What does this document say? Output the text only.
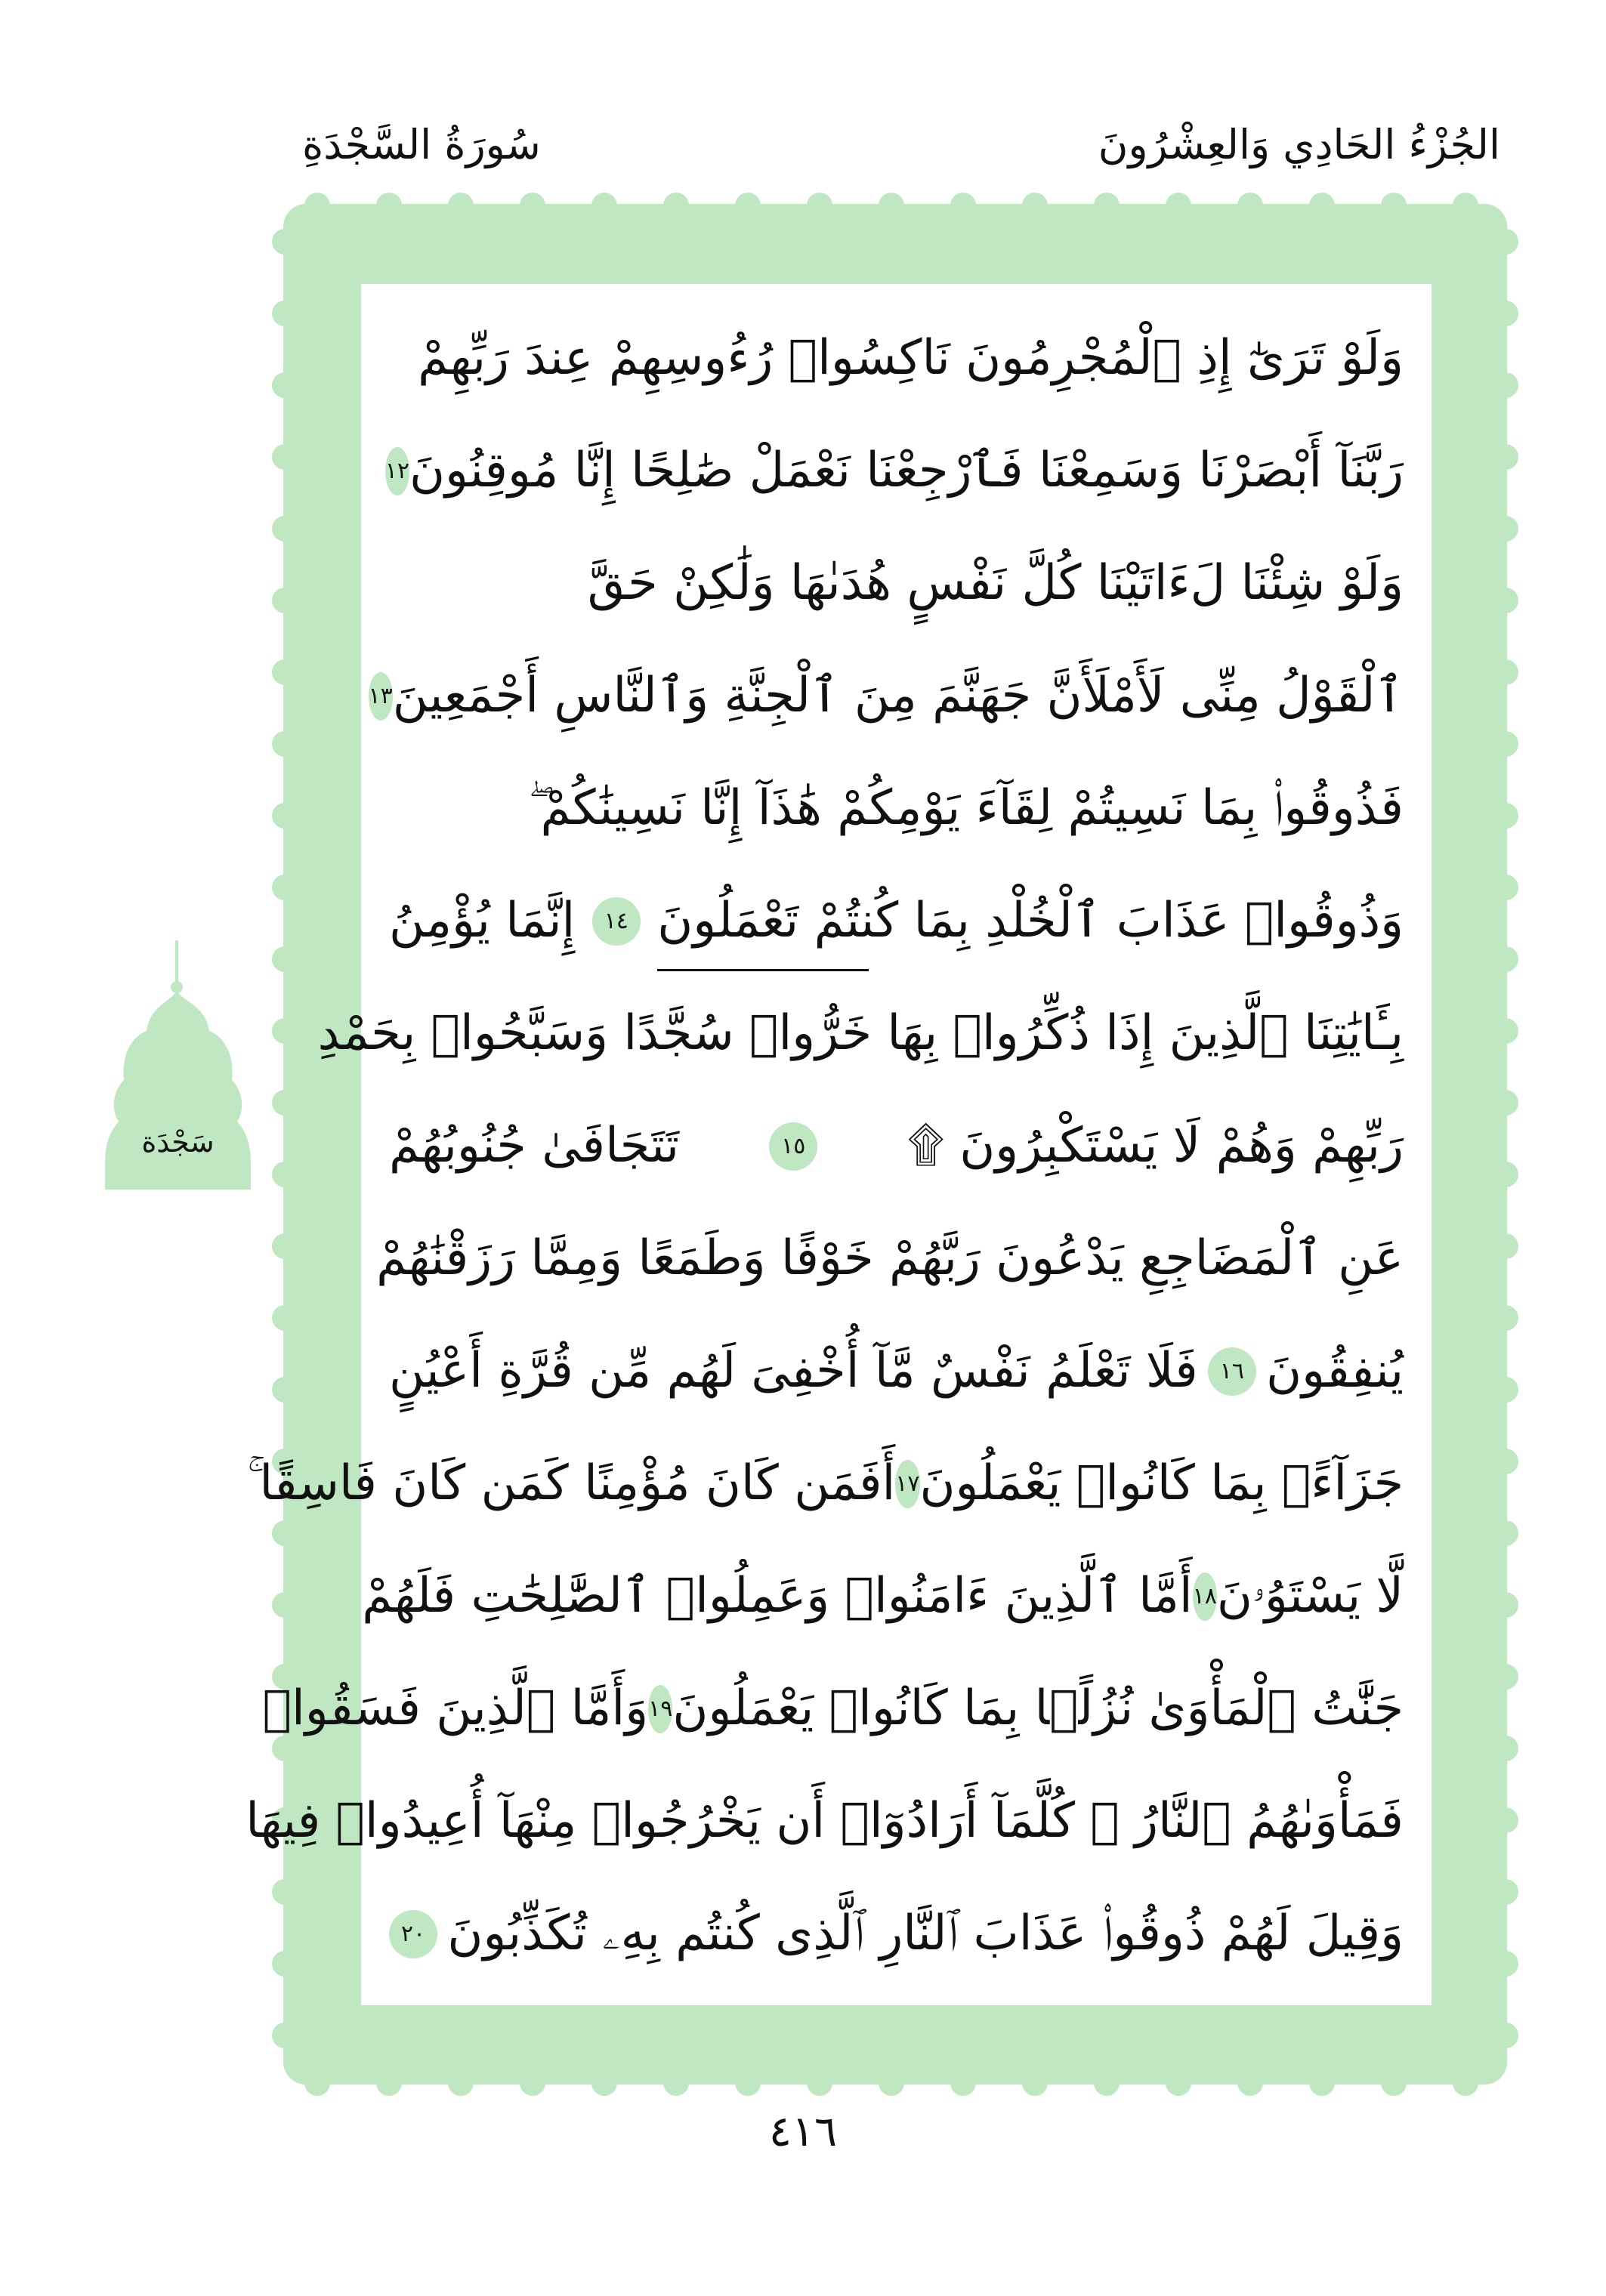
الجُزْءُ الحَادِي وَالعِشْرُونَ
سُورَةُ السَّجْدَةِ
وَلَوْ تَرَىٰٓ إِذِ ٱلْمُجْرِمُونَ نَاكِسُوا۟ رُءُوسِهِمْ عِندَ رَبِّهِمْ
رَبَّنَآ أَبْصَرْنَا وَسَمِعْنَا فَٱرْجِعْنَا نَعْمَلْ صَٰلِحًا إِنَّا مُوقِنُونَ
١٢
وَلَوْ شِئْنَا لَءَاتَيْنَا كُلَّ نَفْسٍ هُدَىٰهَا وَلَٰكِنْ حَقَّ
ٱلْقَوْلُ مِنِّى لَأَمْلَأَنَّ جَهَنَّمَ مِنَ ٱلْجِنَّةِ وَٱلنَّاسِ أَجْمَعِينَ
١٣
فَذُوقُوا۟ بِمَا نَسِيتُمْ لِقَآءَ يَوْمِكُمْ هَٰذَآ إِنَّا نَسِينَٰكُمْ ۖ
وَذُوقُوا۟ عَذَابَ ٱلْخُلْدِ بِمَا كُنتُمْ تَعْمَلُونَ
١٤
إِنَّمَا يُؤْمِنُ
بِـَٔايَٰتِنَا ٱلَّذِينَ إِذَا ذُكِّرُوا۟ بِهَا خَرُّوا۟ سُجَّدًا وَسَبَّحُوا۟ بِحَمْدِ
رَبِّهِمْ وَهُمْ لَا يَسْتَكْبِرُونَ ۩
١٥
تَتَجَافَىٰ جُنُوبُهُمْ
عَنِ ٱلْمَضَاجِعِ يَدْعُونَ رَبَّهُمْ خَوْفًا وَطَمَعًا وَمِمَّا رَزَقْنَٰهُمْ
يُنفِقُونَ
١٦
فَلَا تَعْلَمُ نَفْسٌ مَّآ أُخْفِىَ لَهُم مِّن قُرَّةِ أَعْيُنٍ
جَزَآءًۢ بِمَا كَانُوا۟ يَعْمَلُونَ
١٧
أَفَمَن كَانَ مُؤْمِنًا كَمَن كَانَ فَاسِقًا ۚ
لَّا يَسْتَوُۥنَ
١٨
أَمَّا ٱلَّذِينَ ءَامَنُوا۟ وَعَمِلُوا۟ ٱلصَّٰلِحَٰتِ فَلَهُمْ
جَنَّٰتُ ٱلْمَأْوَىٰ نُزُلًۢا بِمَا كَانُوا۟ يَعْمَلُونَ
١٩
وَأَمَّا ٱلَّذِينَ فَسَقُوا۟
فَمَأْوَىٰهُمُ ٱلنَّارُ ۖ كُلَّمَآ أَرَادُوٓا۟ أَن يَخْرُجُوا۟ مِنْهَآ أُعِيدُوا۟ فِيهَا
وَقِيلَ لَهُمْ ذُوقُوا۟ عَذَابَ ٱلنَّارِ ٱلَّذِى كُنتُم بِهِۦ تُكَذِّبُونَ
٢٠
سَجْدَة
٤١٦
